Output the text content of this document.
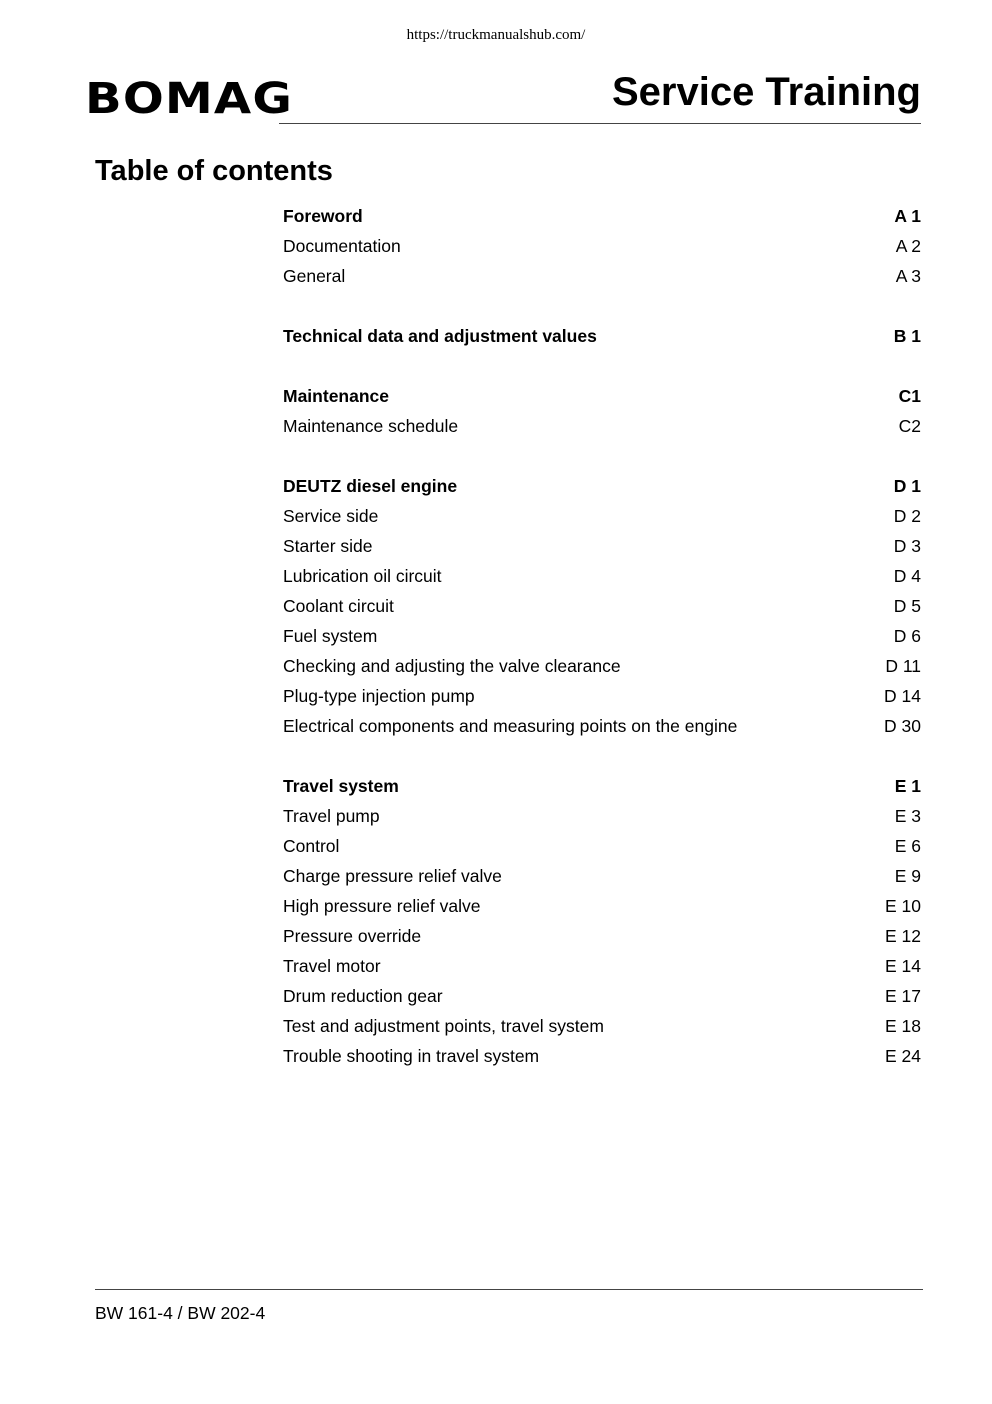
https://truckmanualshub.com/
BOMAG	Service Training
Table of contents
Foreword	A 1
Documentation	A 2
General	A 3
Technical data and adjustment values	B 1
Maintenance	C1
Maintenance schedule	C2
DEUTZ diesel engine	D 1
Service side	D 2
Starter side	D 3
Lubrication oil circuit	D 4
Coolant circuit	D 5
Fuel system	D 6
Checking and adjusting the valve clearance	D 11
Plug-type injection pump	D 14
Electrical components and measuring points on the engine	D 30
Travel system	E 1
Travel pump	E 3
Control	E 6
Charge pressure relief valve	E 9
High pressure relief valve	E 10
Pressure override	E 12
Travel motor	E 14
Drum reduction gear	E 17
Test and adjustment points, travel system	E 18
Trouble shooting in travel system	E 24
BW 161-4 / BW 202-4
